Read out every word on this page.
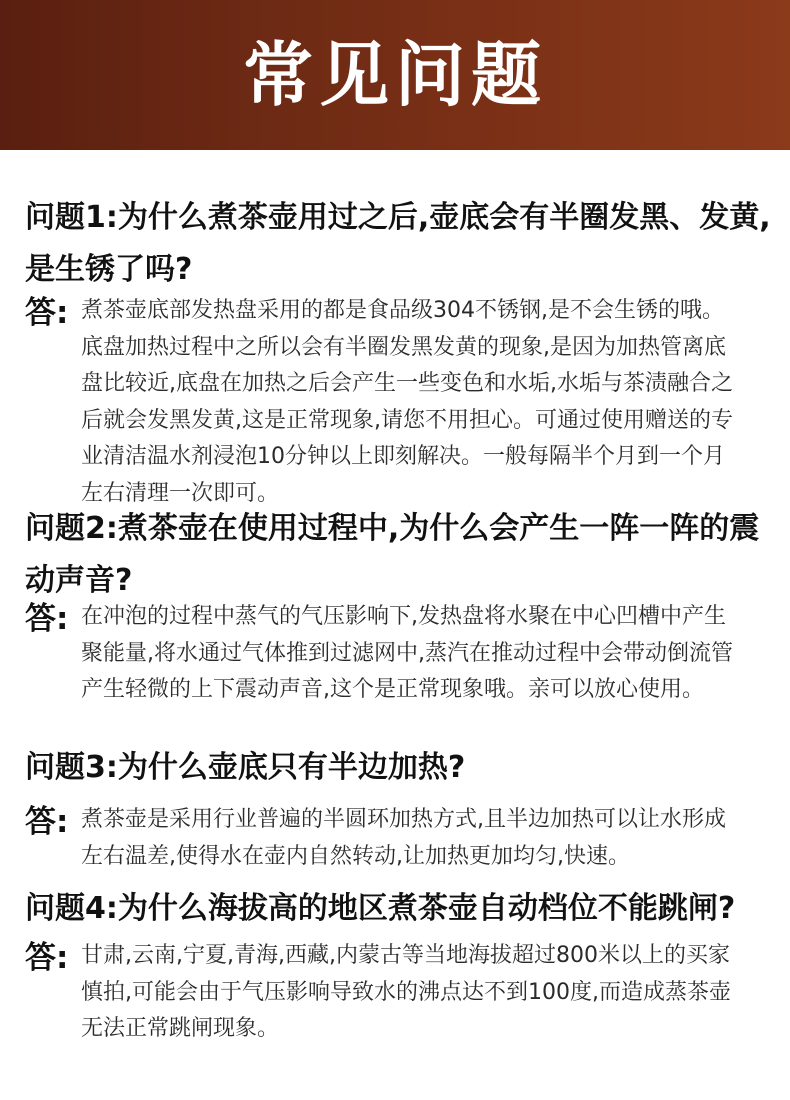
常见问题

问题1:为什么煮茶壶用过之后,壶底会有半圈发黑、发黄,是生锈了吗?

答: 煮茶壶底部发热盘采用的都是食品级304不锈钢,是不会生锈的哦。底盘加热过程中之所以会有半圈发黑发黄的现象,是因为加热管离底盘比较近,底盘在加热之后会产生一些变色和水垢,水垢与茶渍融合之后就会发黑发黄,这是正常现象,请您不用担心。可通过使用赠送的专业清洁温水剂浸泡10分钟以上即刻解决。一般每隔半个月到一个月左右清理一次即可。

问题2:煮茶壶在使用过程中,为什么会产生一阵一阵的震动声音?

答: 在冲泡的过程中蒸气的气压影响下,发热盘将水聚在中心凹槽中产生聚能量,将水通过气体推到过滤网中,蒸汽在推动过程中会带动倒流管产生轻微的上下震动声音,这个是正常现象哦。亲可以放心使用。

问题3:为什么壶底只有半边加热?

答: 煮茶壶是采用行业普遍的半圆环加热方式,且半边加热可以让水形成左右温差,使得水在壶内自然转动,让加热更加均匀,快速。

问题4:为什么海拔高的地区煮茶壶自动档位不能跳闸?

答: 甘肃,云南,宁夏,青海,西藏,内蒙古等当地海拔超过800米以上的买家慎拍,可能会由于气压影响导致水的沸点达不到100度,而造成蒸茶壶无法正常跳闸现象。
